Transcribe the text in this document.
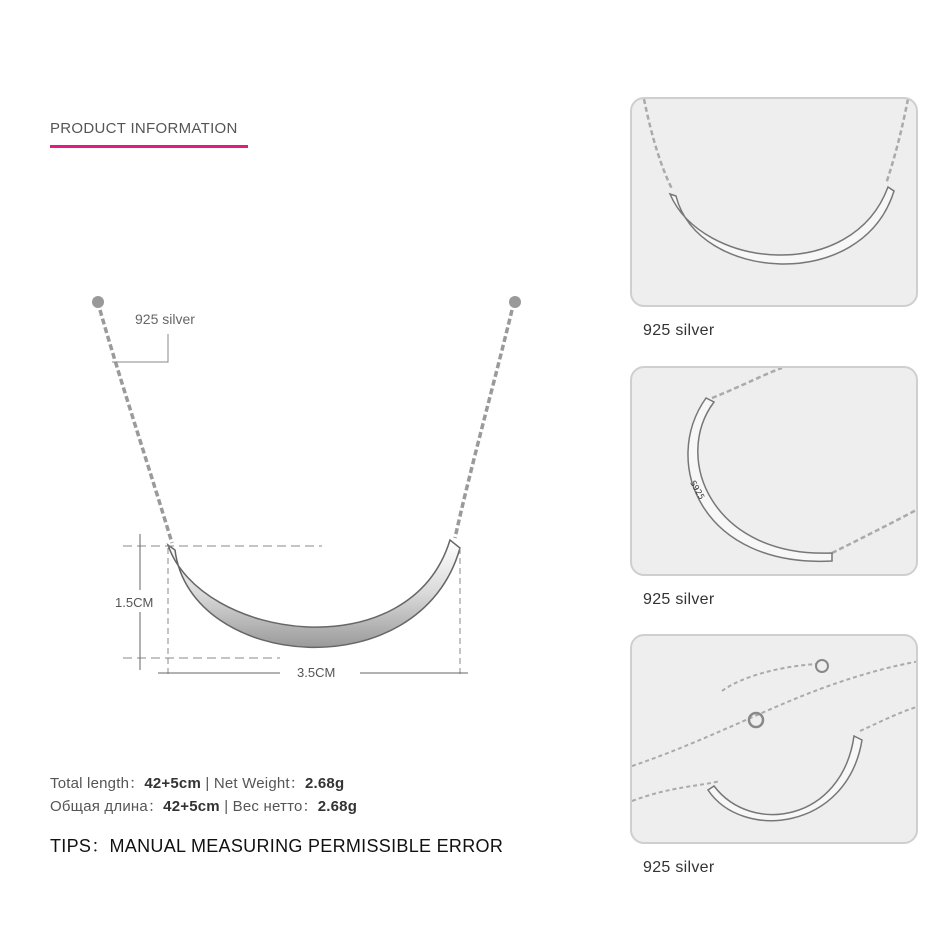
PRODUCT INFORMATION
925 silver
1.5CM
3.5CM
Total length：42+5cm | Net Weight：2.68g
Общая длина：42+5cm | Вес нетто：2.68g
TIPS：MANUAL MEASURING PERMISSIBLE ERROR
925 silver
S925
925 silver
925 silver
